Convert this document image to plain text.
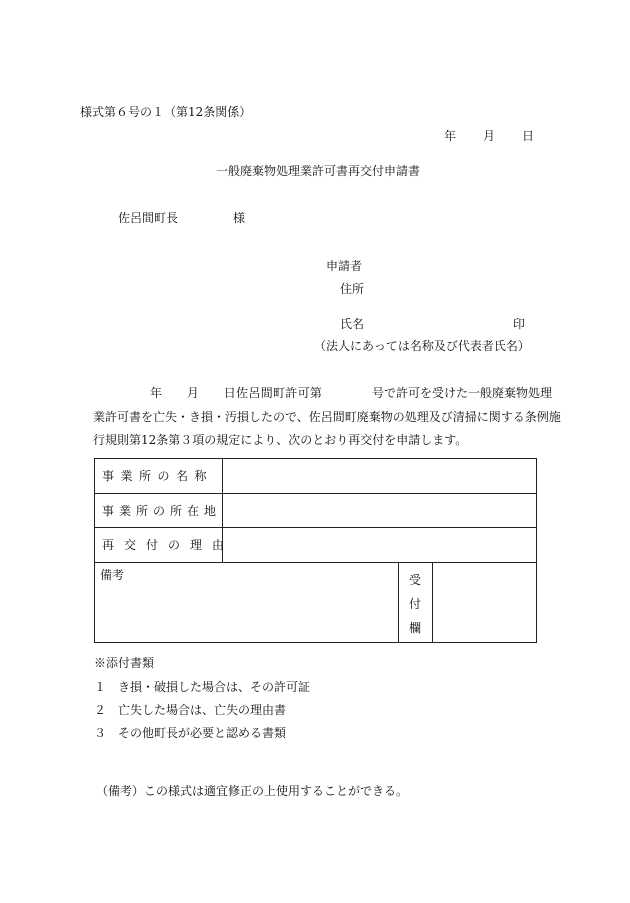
様式第６号の１（第12条関係）
年　　月　　日
一般廃棄物処理業許可書再交付申請書
佐呂間町長	様
申請者
住所
氏名	印
（法人にあっては名称及び代表者氏名）
年　　月　　日佐呂間町許可第	号で許可を受けた一般廃棄物処理
業許可書を亡失・き損・汚損したので、佐呂間町廃棄物の処理及び清掃に関する条例施
行規則第12条第３項の規定により、次のとおり再交付を申請します。
事業所の名称
事業所の所在地
再交付の理由
備考	受
付
欄
※添付書類
１　き損・破損した場合は、その許可証
２　亡失した場合は、亡失の理由書
３　その他町長が必要と認める書類
（備考）この様式は適宜修正の上使用することができる。
